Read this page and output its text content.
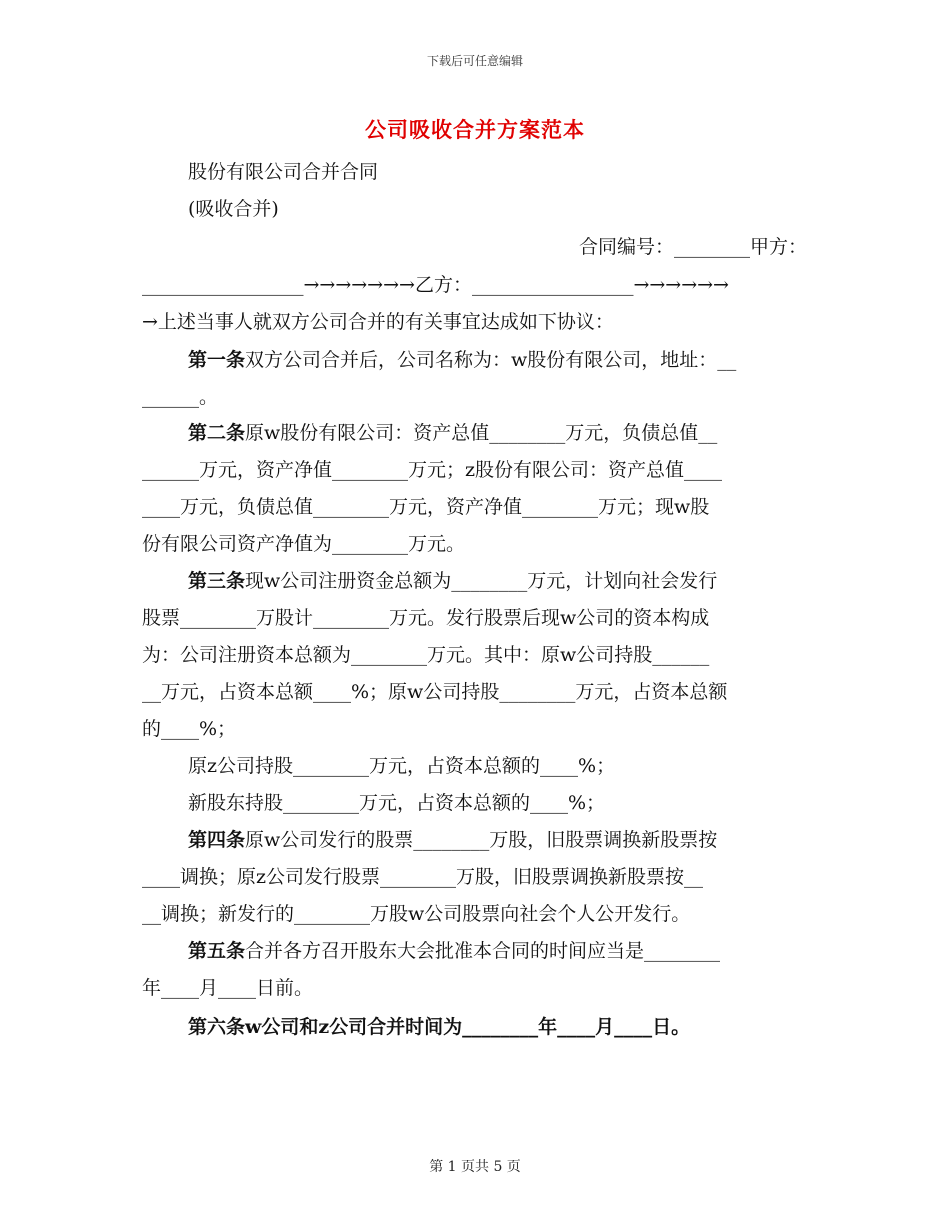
下载后可任意编辑
公司吸收合并方案范本
股份有限公司合并合同
(吸收合并)
合同编号：________甲方：
_________________→→→→→→→乙方：_________________→→→→→→
→上述当事人就双方公司合并的有关事宜达成如下协议：
第一条双方公司合并后，公司名称为：w股份有限公司，地址：__
______。
第二条原w股份有限公司：资产总值________万元，负债总值__
______万元，资产净值________万元；z股份有限公司：资产总值____
____万元，负债总值________万元，资产净值________万元；现w股
份有限公司资产净值为________万元。
第三条现w公司注册资金总额为________万元，计划向社会发行
股票________万股计________万元。发行股票后现w公司的资本构成
为：公司注册资本总额为________万元。其中：原w公司持股______
__万元，占资本总额____%；原w公司持股________万元，占资本总额
的____%；
原z公司持股________万元，占资本总额的____%；
新股东持股________万元，占资本总额的____%；
第四条原w公司发行的股票________万股，旧股票调换新股票按
____调换；原z公司发行股票________万股，旧股票调换新股票按__
__调换；新发行的________万股w公司股票向社会个人公开发行。
第五条合并各方召开股东大会批准本合同的时间应当是________
年____月____日前。
第六条w公司和z公司合并时间为________年____月____日。
第 1 页共 5 页
